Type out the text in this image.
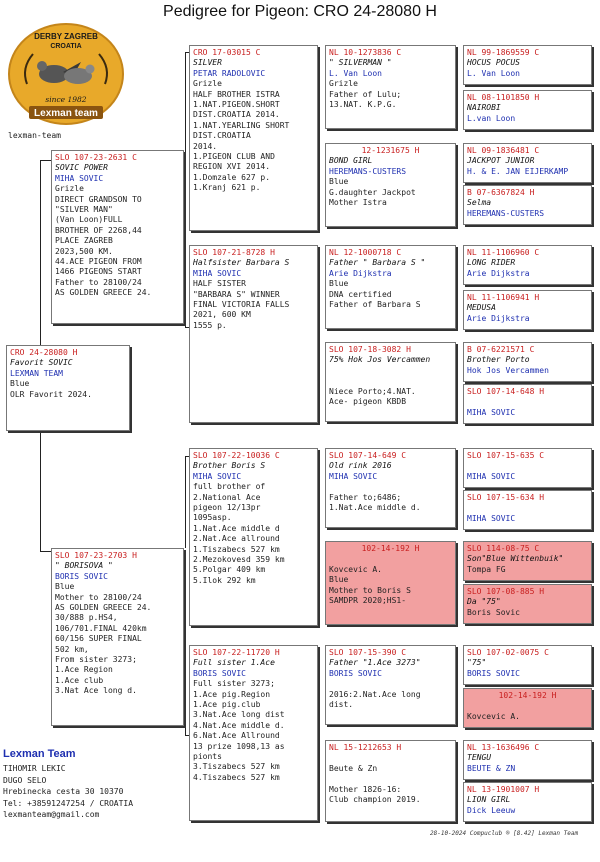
Pedigree for Pigeon: CRO 24-28080 H
DERBY ZAGREB
CROATIA
since 1982
Lexman team
lexman-team
CRO 24-28080 H
Favorit SOVIC
LEXMAN TEAM
Blue
OLR Favorit 2024.
SLO 107-23-2631 C
SOVIC POWER
MIHA SOVIC
Grizle
DIRECT GRANDSON TO
"SILVER MAN"
(Van Loon)FULL
BROTHER OF 2268,44
PLACE ZAGREB
2023,500 KM.
44.ACE PIGEON FROM
1466 PIGEONS START
Father to 28100/24
AS GOLDEN GREECE 24.
SLO 107-23-2703 H
" BORISOVA "
BORIS SOVIC
Blue
Mother to 28100/24
AS GOLDEN GREECE 24.
30/888 p.HS4,
106/701.FINAL 420km
60/156 SUPER FINAL
502 km,
From sister 3273;
1.Ace Region
1.Ace club
3.Nat Ace long d.
CRO 17-03015 C
SILVER
PETAR RADOLOVIC
Grizle
HALF BROTHER ISTRA
1.NAT.PIGEON.SHORT
DIST.CROATIA 2014.
1.NAT.YEARLING SHORT
DIST.CROATIA
2014.
1.PIGEON CLUB AND
REGION XVI 2014.
1.Domzale 627 p.
1.Kranj 621 p.
SLO 107-21-8728 H
Halfsister Barbara S
MIHA SOVIC
HALF SISTER
"BARBARA S" WINNER
FINAL VICTORIA FALLS
2021, 600 KM
1555 p.
SLO 107-22-10036 C
Brother Boris S
MIHA SOVIC
full brother of
2.National Ace
pigeon 12/13pr
1095asp.
1.Nat.Ace middle d
2.Nat.Ace allround
1.Tiszabecs 527 km
2.Mezokovesd 359 km
5.Polgar 409 km
5.Ilok 292 km
SLO 107-22-11720 H
Full sister 1.Ace
BORIS SOVIC
Full sister 3273;
1.Ace pig.Region
1.Ace pig.club
3.Nat.Ace long dist
4.Nat.Ace middle d.
6.Nat.Ace Allround
13 prize 1098,13 as
pionts
3.Tiszabecs 527 km
4.Tiszabecs 527 km
NL 10-1273836 C
" SILVERMAN "
L. Van Loon
Grizle
Father of Lulu;
13.NAT. K.P.G.
12-1231675 H
BOND GIRL
HEREMANS-CUSTERS
Blue
G.daughter Jackpot
Mother Istra
NL 12-1000718 C
Father " Barbara S "
Arie Dijkstra
Blue
DNA certified
Father of Barbara S
SLO 107-18-3082 H
75% Hok Jos Vercammen
Niece Porto;4.NAT.
Ace- pigeon KBDB
SLO 107-14-649 C
Old rink 2016
MIHA SOVIC
Father to;6486;
1.Nat.Ace middle d.
102-14-192 H
Kovcevic A.
Blue
Mother to Boris S
SAMDPR 2020;HS1-
SLO 107-15-390 C
Father "1.Ace 3273"
BORIS SOVIC
2016:2.Nat.Ace long
dist.
NL 15-1212653 H
Beute & Zn
Mother 1826-16:
Club champion 2019.
NL 99-1869559 C
HOCUS POCUS
L. Van Loon
NL 08-1101850 H
NAIROBI
L.van Loon
NL 09-1836481 C
JACKPOT JUNIOR
H. & E. JAN EIJERKAMP
B 07-6367824 H
Selma
HEREMANS-CUSTERS
NL 11-1106960 C
LONG RIDER
Arie Dijkstra
NL 11-1106941 H
MEDUSA
Arie Dijkstra
B 07-6221571 C
Brother Porto
Hok Jos Vercammen
SLO 107-14-648 H
MIHA SOVIC
SLO 107-15-635 C
MIHA SOVIC
SLO 107-15-634 H
MIHA SOVIC
SLO 114-08-75 C
Son"Blue Wittenbuik"
Tompa FG
SLO 107-08-885 H
Da "75"
Boris Sovic
SLO 107-02-0075 C
"75"
BORIS SOVIC
102-14-192 H
Kovcevic A.
NL 13-1636496 C
TENGU
BEUTE & ZN
NL 13-1901007 H
LION GIRL
Dick Leeuw
Lexman Team
TIHOMIR LEKIC
DUGO SELO
Hrebinecka cesta 30 10370
Tel: +38591247254 / CROATIA
lexmanteam@gmail.com
28-10-2024 Compuclub ® [8.42] Lexman Team
